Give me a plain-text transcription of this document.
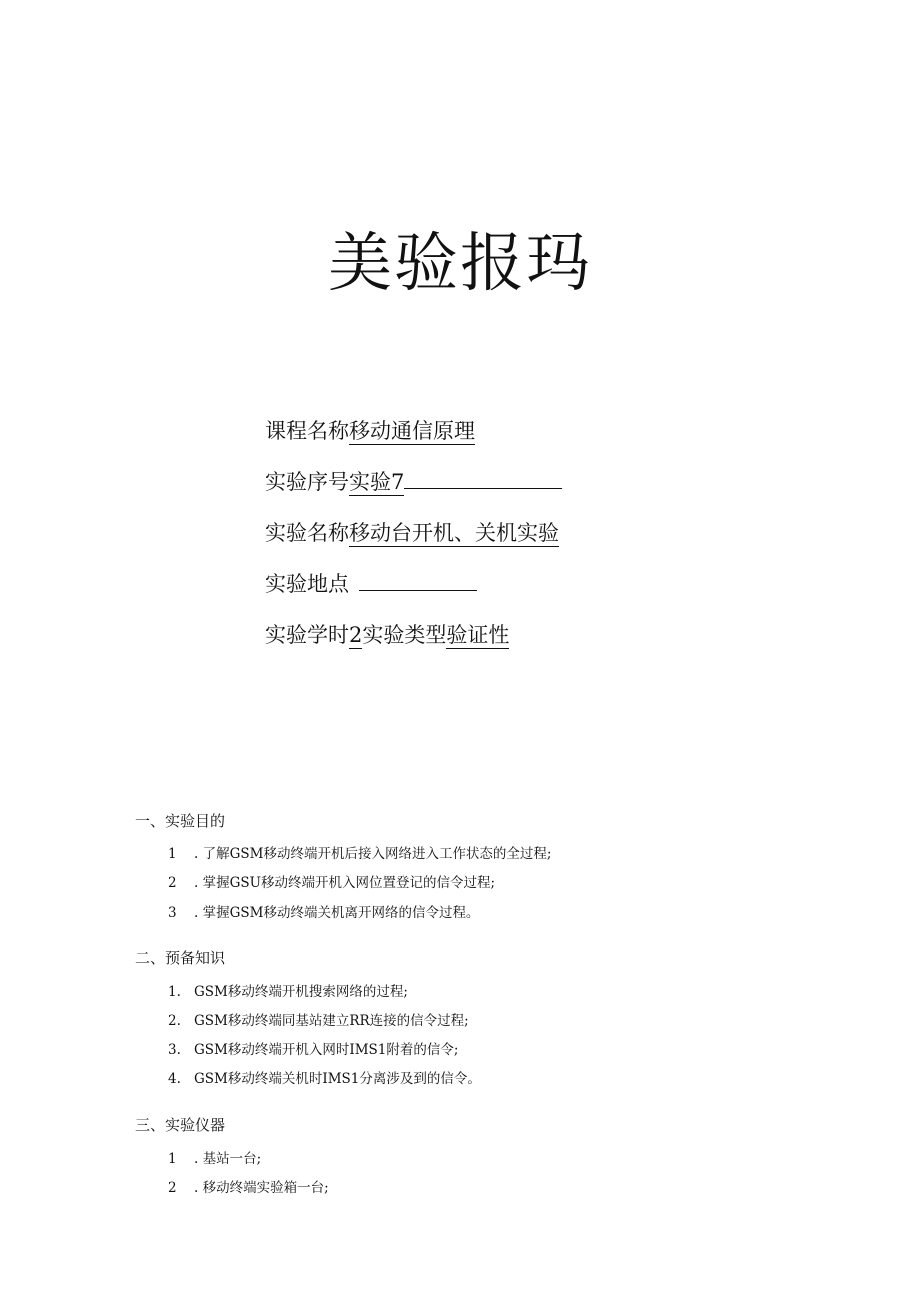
美验报玛
课程名称移动通信原理
实验序号实验7
实验名称移动台开机、关机实验
实验地点
实验学时2实验类型验证性
一、实验目的
1 . 了解GSM移动终端开机后接入网络进入工作状态的全过程;
2 . 掌握GSU移动终端开机入网位置登记的信令过程;
3 . 掌握GSM移动终端关机离开网络的信令过程。
二、预备知识
1. GSM移动终端开机搜索网络的过程;
2. GSM移动终端同基站建立RR连接的信令过程;
3. GSM移动终端开机入网时IMS1附着的信令;
4. GSM移动终端关机时IMS1分离涉及到的信令。
三、实验仪器
1 . 基站一台;
2 . 移动终端实验箱一台;
